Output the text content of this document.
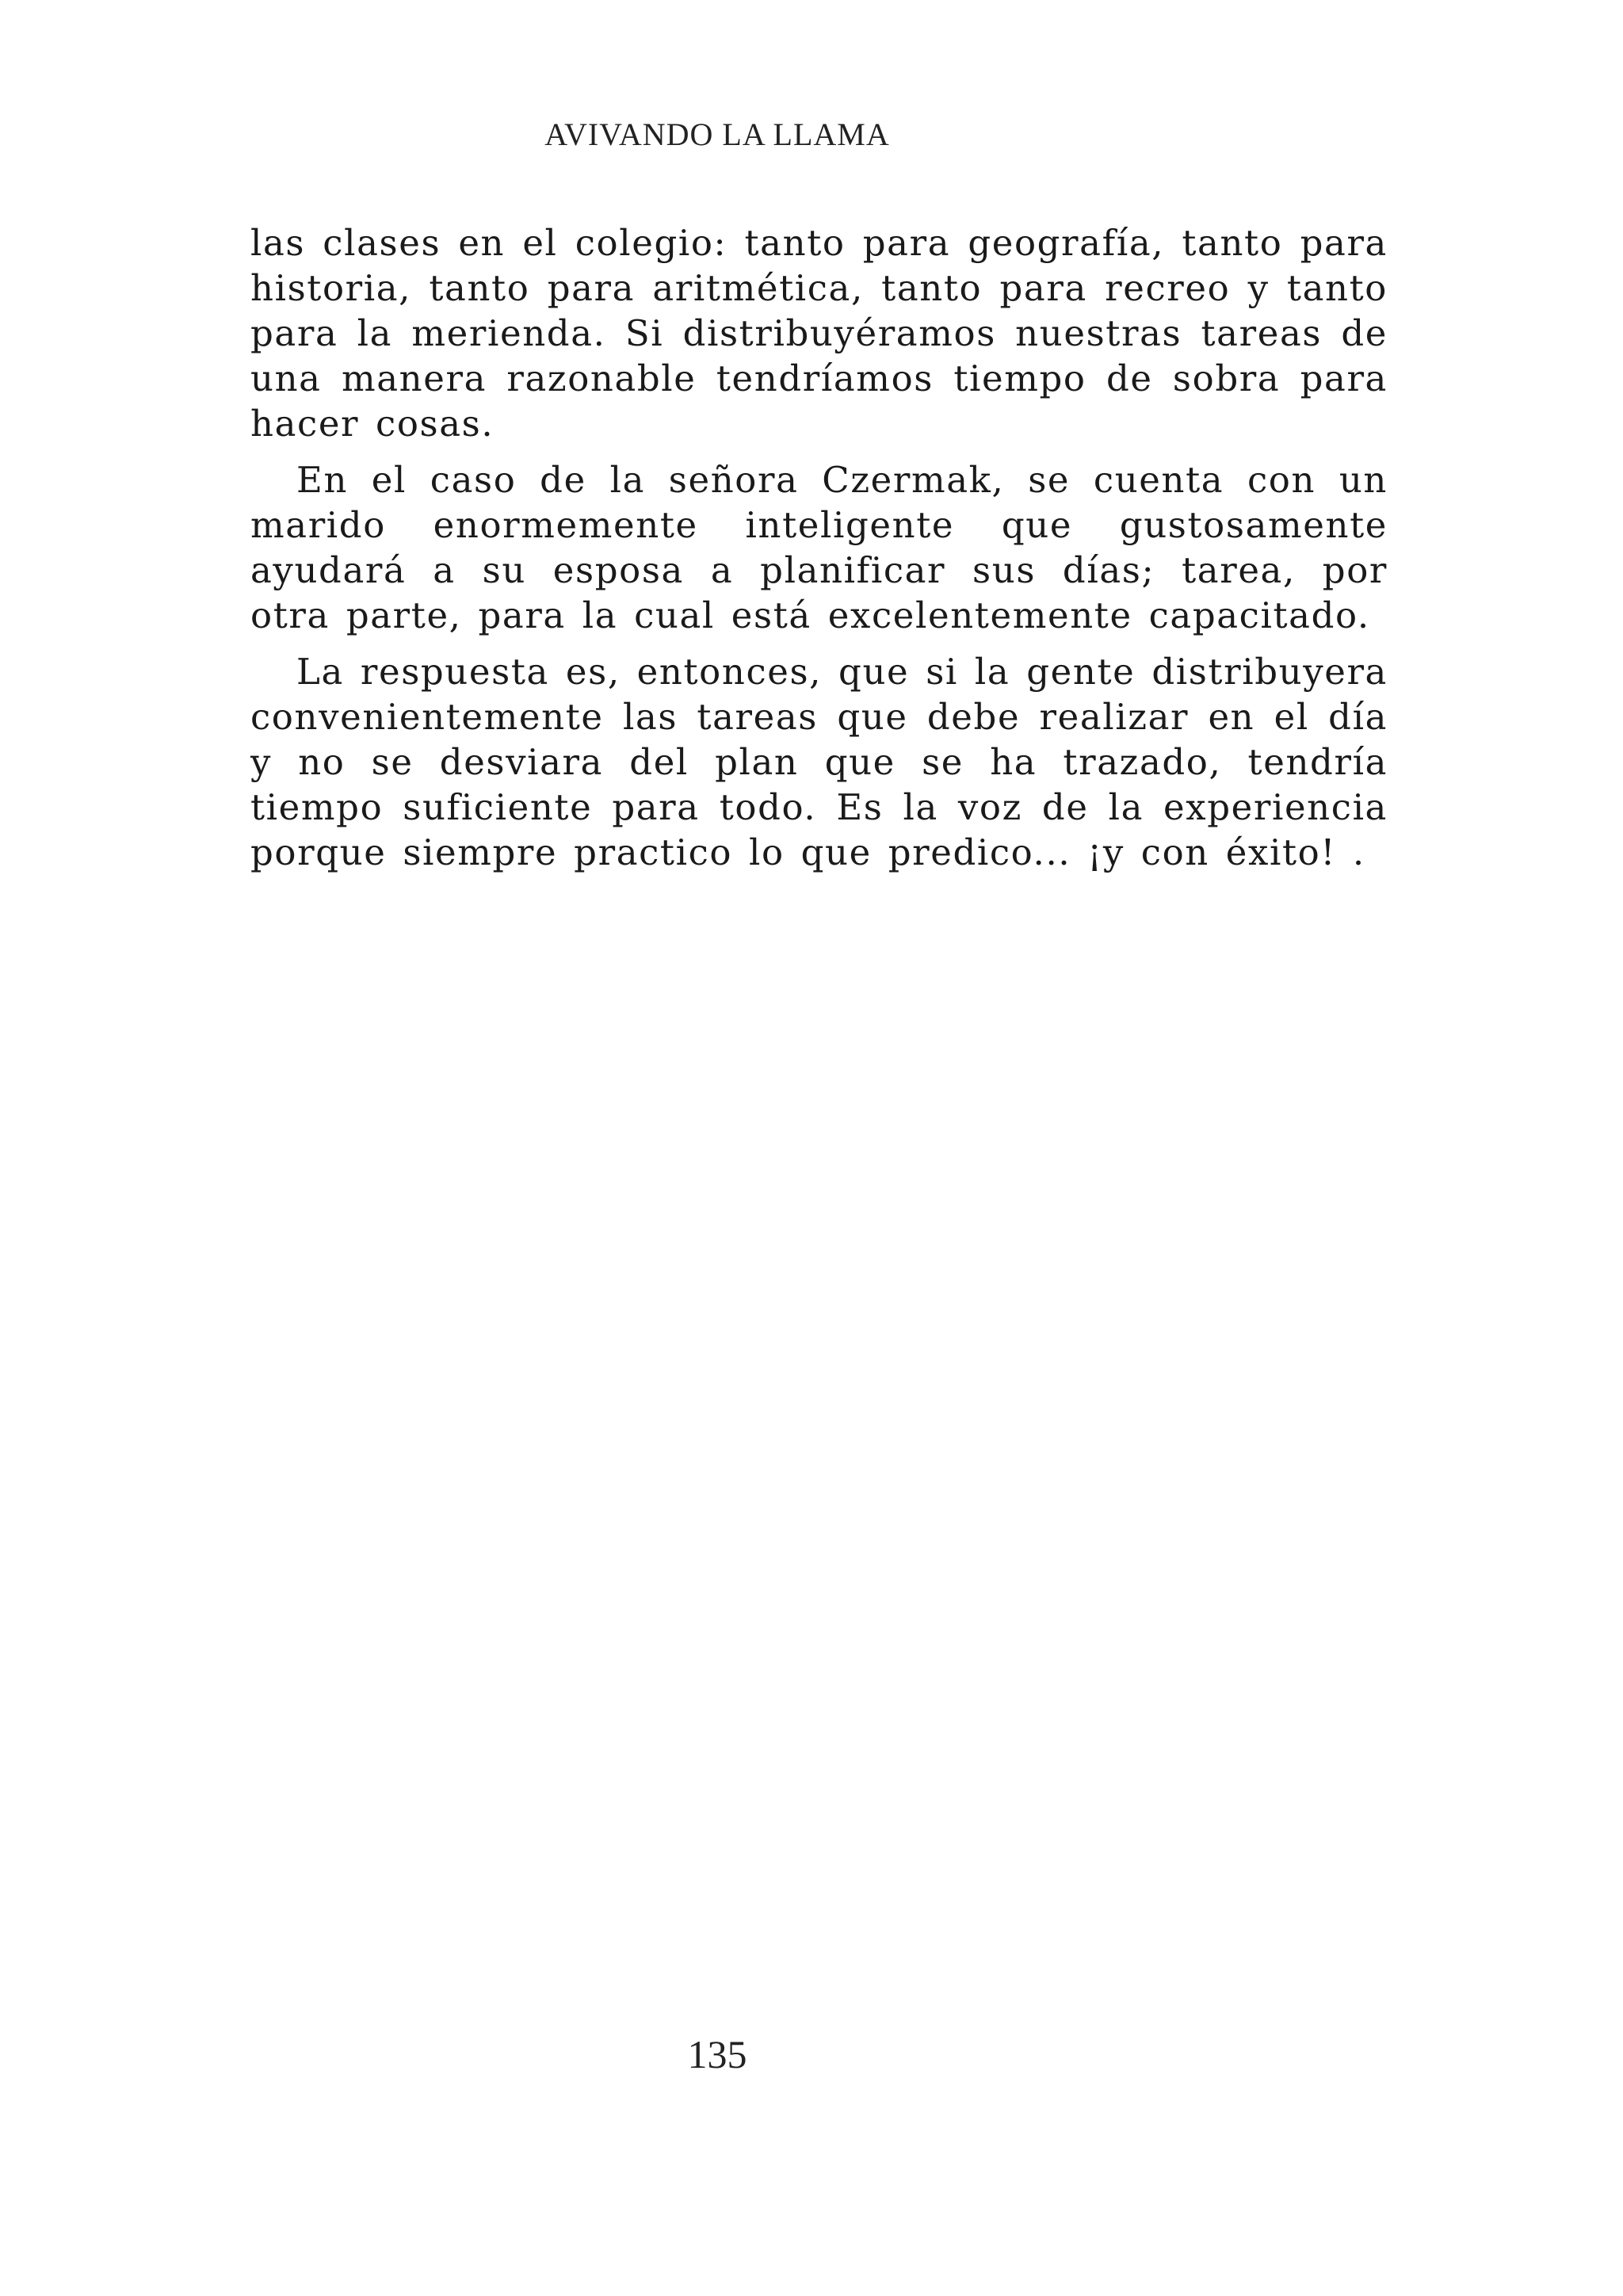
AVIVANDO LA LLAMA

las clases en el colegio: tanto para geografía, tanto para historia, tanto para aritmética, tanto para recreo y tanto para la merienda. Si distribuyéramos nuestras tareas de una manera razonable tendríamos tiempo de sobra para hacer cosas.

En el caso de la señora Czermak, se cuenta con un marido enormemente inteligente que gustosamente ayudará a su esposa a planificar sus días; tarea, por otra parte, para la cual está excelentemente capacitado.

La respuesta es, entonces, que si la gente distribuyera convenientemente las tareas que debe realizar en el día y no se desviara del plan que se ha trazado, tendría tiempo suficiente para todo. Es la voz de la experiencia porque siempre practico lo que predico... ¡y con éxito! .

135
